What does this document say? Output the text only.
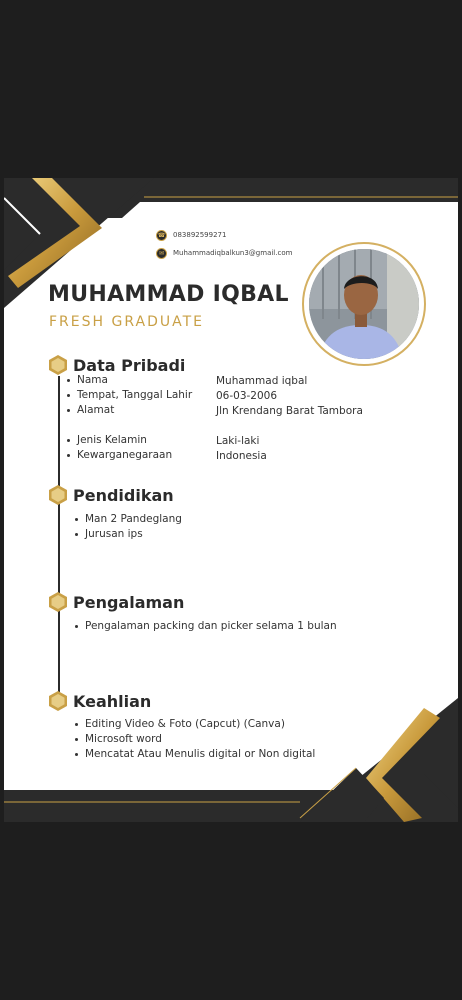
☎ 083892599271
✉	Muhammadiqbalkun3@gmail.com
MUHAMMAD IQBAL
FRESH GRADUATE
Data Pribadi
Nama
Tempat, Tanggal Lahir
Alamat
Jenis Kelamin
Kewarganegaraan
Muhammad iqbal
06-03-2006
Jln Krendang Barat Tambora
Laki-laki
Indonesia
Pendidikan
Man 2 Pandeglang
Jurusan ips
Pengalaman
Pengalaman packing dan picker selama 1 bulan
Keahlian
Editing Video & Foto (Capcut) (Canva)
Microsoft word
Mencatat Atau Menulis digital or Non digital
